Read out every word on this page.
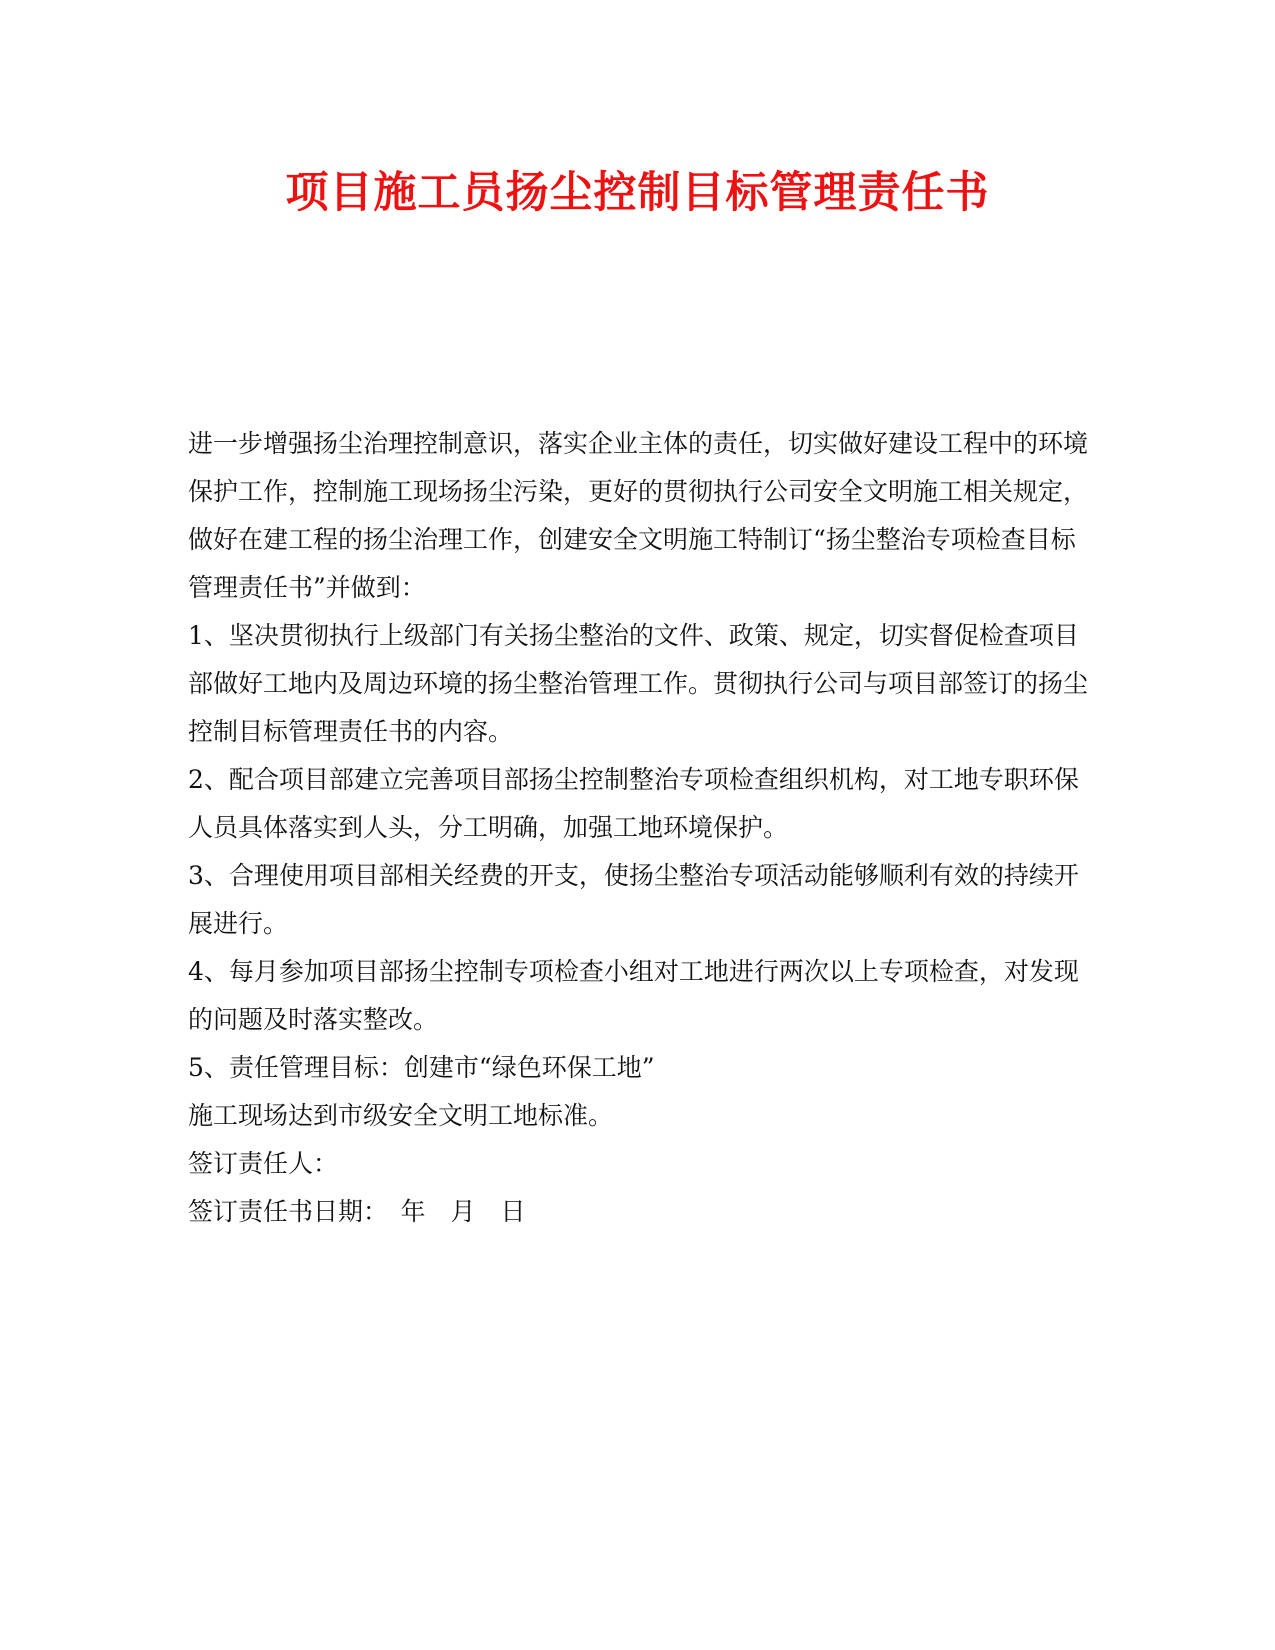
项目施工员扬尘控制目标管理责任书

进一步增强扬尘治理控制意识，落实企业主体的责任，切实做好建设工程中的环境保护工作，控制施工现场扬尘污染，更好的贯彻执行公司安全文明施工相关规定，做好在建工程的扬尘治理工作，创建安全文明施工特制订“扬尘整治专项检查目标管理责任书”并做到：

1、坚决贯彻执行上级部门有关扬尘整治的文件、政策、规定，切实督促检查项目部做好工地内及周边环境的扬尘整治管理工作。贯彻执行公司与项目部签订的扬尘控制目标管理责任书的内容。

2、配合项目部建立完善项目部扬尘控制整治专项检查组织机构，对工地专职环保人员具体落实到人头，分工明确，加强工地环境保护。

3、合理使用项目部相关经费的开支，使扬尘整治专项活动能够顺利有效的持续开展进行。

4、每月参加项目部扬尘控制专项检查小组对工地进行两次以上专项检查，对发现的问题及时落实整改。

5、责任管理目标：创建市“绿色环保工地”

施工现场达到市级安全文明工地标准。

签订责任人：

签订责任书日期：　年　月　日
